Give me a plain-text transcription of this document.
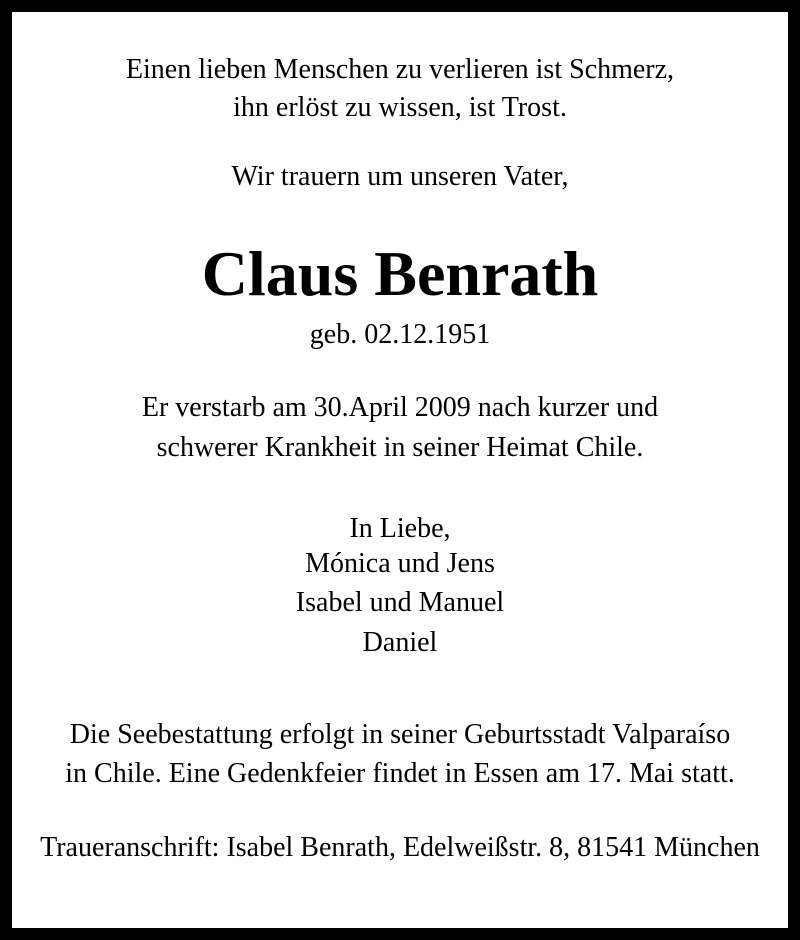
Einen lieben Menschen zu verlieren ist Schmerz,
ihn erlöst zu wissen, ist Trost.
Wir trauern um unseren Vater,
Claus Benrath
geb. 02.12.1951
Er verstarb am 30.April 2009 nach kurzer und
schwerer Krankheit in seiner Heimat Chile.
In Liebe,
Mónica und Jens
Isabel und Manuel
Daniel
Die Seebestattung erfolgt in seiner Geburtsstadt Valparaíso
in Chile. Eine Gedenkfeier findet in Essen am 17. Mai statt.
Traueranschrift: Isabel Benrath, Edelweißstr. 8, 81541 München
